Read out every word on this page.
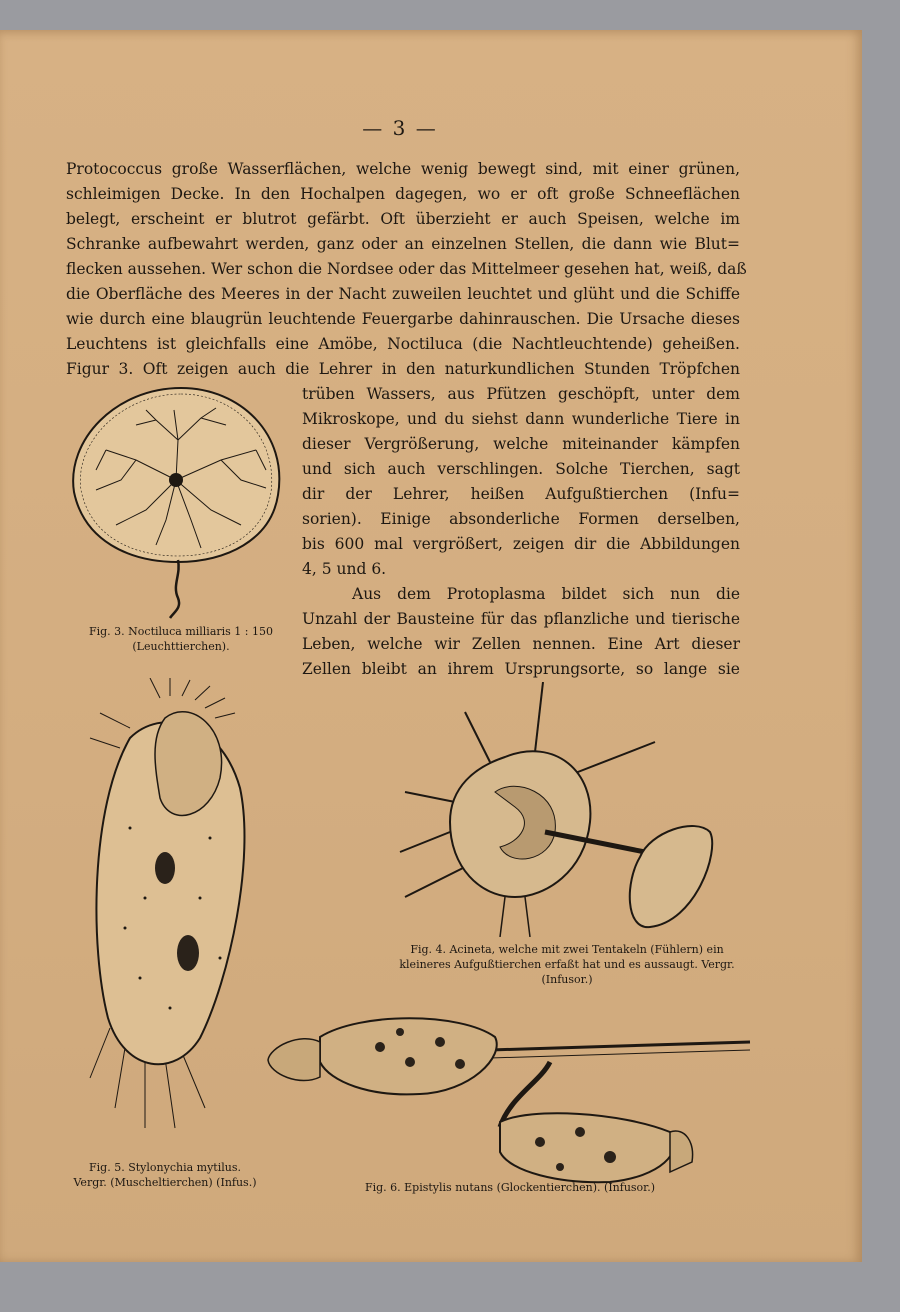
— 3 —
Protococcus große Wasserflächen, welche wenig bewegt sind, mit einer grünen,
schleimigen Decke. In den Hochalpen dagegen, wo er oft große Schneeflächen
belegt, erscheint er blutrot gefärbt. Oft überzieht er auch Speisen, welche im
Schranke aufbewahrt werden, ganz oder an einzelnen Stellen, die dann wie Blut=
flecken aussehen. Wer schon die Nordsee oder das Mittelmeer gesehen hat, weiß, daß
die Oberfläche des Meeres in der Nacht zuweilen leuchtet und glüht und die Schiffe
wie durch eine blaugrün leuchtende Feuergarbe dahinrauschen. Die Ursache dieses
Leuchtens ist gleichfalls eine Amöbe, Noctiluca (die Nachtleuchtende) geheißen.
Figur 3. Oft zeigen auch die Lehrer in den naturkundlichen Stunden Tröpfchen
trüben Wassers, aus Pfützen geschöpft, unter dem
Mikroskope, und du siehst dann wunderliche Tiere in
dieser Vergrößerung, welche miteinander kämpfen
und sich auch verschlingen. Solche Tierchen, sagt
dir der Lehrer, heißen Aufgußtierchen (Infu=
sorien). Einige absonderliche Formen derselben,
bis 600 mal vergrößert, zeigen dir die Abbildungen
4, 5 und 6.
Aus dem Protoplasma bildet sich nun die
Unzahl der Bausteine für das pflanzliche und tierische
Leben, welche wir Zellen nennen. Eine Art dieser
Zellen bleibt an ihrem Ursprungsorte, so lange sie
Fig. 3. Noctiluca milliaris 1 : 150
(Leuchttierchen).
Fig. 5. Stylonychia mytilus.
Vergr. (Muscheltierchen) (Infus.)
Fig. 4. Acineta, welche mit zwei Tentakeln (Fühlern) ein
kleineres Aufgußtierchen erfaßt hat und es aussaugt. Vergr.
(Infusor.)
Fig. 6. Epistylis nutans (Glockentierchen). (Infusor.)
